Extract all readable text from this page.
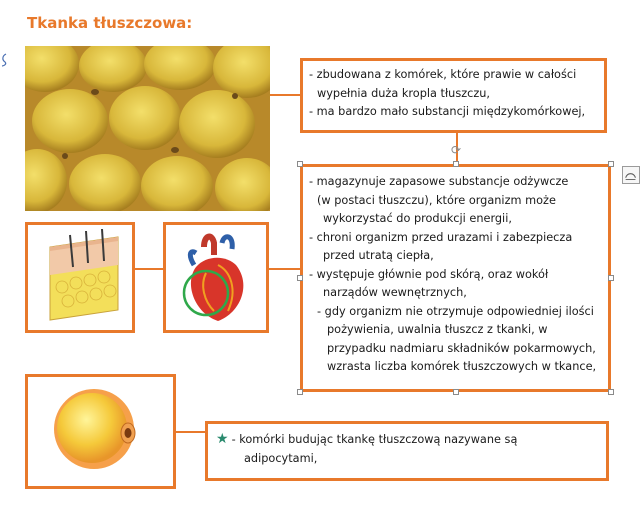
Tkanka tłuszczowa:
- zbudowana z komórek, które prawie w całości
wypełnia duża kropla tłuszczu,
- ma bardzo mało substancji międzykomórkowej,
- magazynuje zapasowe substancje odżywcze
(w postaci tłuszczu), które organizm może
wykorzystać do produkcji energii,
- chroni organizm przed urazami i zabezpiecza
przed utratą ciepła,
- występuje głównie pod skórą, oraz wokół
narządów wewnętrznych,
- gdy organizm nie otrzymuje odpowiedniej ilości
pożywienia, uwalnia tłuszcz z tkanki, w
przypadku nadmiaru składników pokarmowych,
wzrasta liczba komórek tłuszczowych w tkance,
⟳
★ - komórki budując tkankę tłuszczową nazywane są
adipocytami,
